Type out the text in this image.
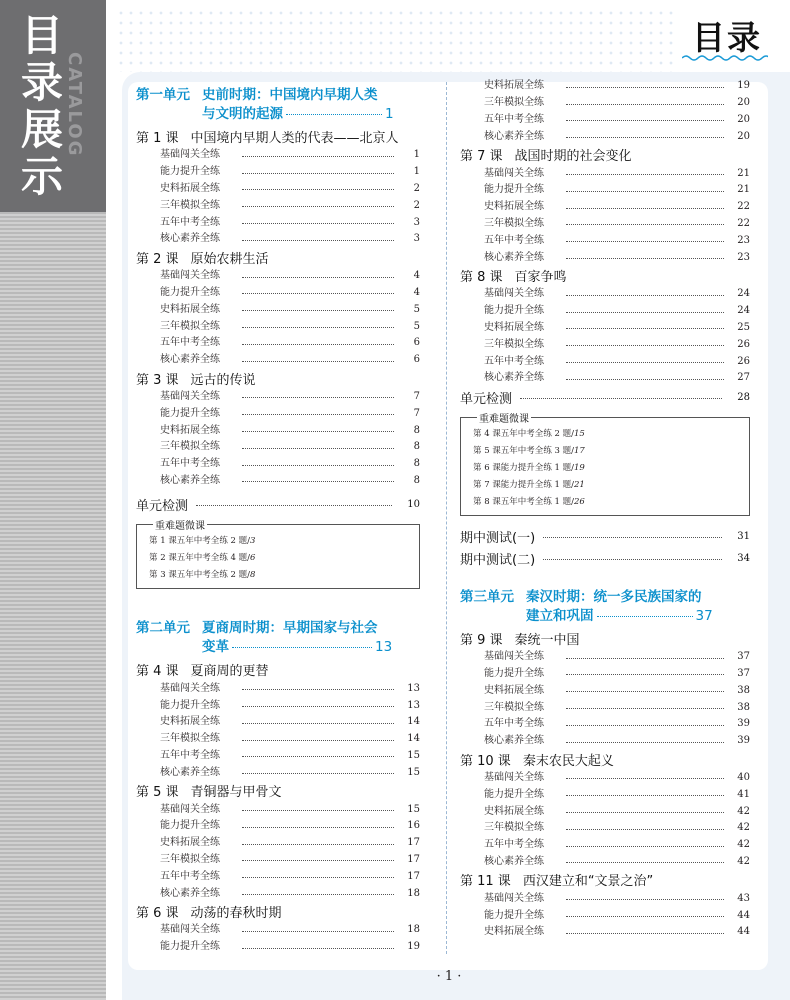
目
录
展
示
CATALOG
目录
第一单元 史前时期：中国境内早期人类
与文明的起源	1
第 1 课 中国境内早期人类的代表——北京人
基础闯关全练	1
能力提升全练	1
史料拓展全练	2
三年模拟全练	2
五年中考全练	3
核心素养全练	3
第 2 课 原始农耕生活
基础闯关全练	4
能力提升全练	4
史料拓展全练	5
三年模拟全练	5
五年中考全练	6
核心素养全练	6
第 3 课 远古的传说
基础闯关全练	7
能力提升全练	7
史料拓展全练	8
三年模拟全练	8
五年中考全练	8
核心素养全练	8
单元检测	10
重难题微课
第 1 课五年中考全练 2 题/3
第 2 课五年中考全练 4 题/6
第 3 课五年中考全练 2 题/8
第二单元 夏商周时期：早期国家与社会
变革	13
第 4 课 夏商周的更替
基础闯关全练	13
能力提升全练	13
史料拓展全练	14
三年模拟全练	14
五年中考全练	15
核心素养全练	15
第 5 课 青铜器与甲骨文
基础闯关全练	15
能力提升全练	16
史料拓展全练	17
三年模拟全练	17
五年中考全练	17
核心素养全练	18
第 6 课 动荡的春秋时期
基础闯关全练	18
能力提升全练	19
史料拓展全练	19
三年模拟全练	20
五年中考全练	20
核心素养全练	20
第 7 课 战国时期的社会变化
基础闯关全练	21
能力提升全练	21
史料拓展全练	22
三年模拟全练	22
五年中考全练	23
核心素养全练	23
第 8 课 百家争鸣
基础闯关全练	24
能力提升全练	24
史料拓展全练	25
三年模拟全练	26
五年中考全练	26
核心素养全练	27
单元检测	28
重难题微课
第 4 课五年中考全练 2 题/15
第 5 课五年中考全练 3 题/17
第 6 课能力提升全练 1 题/19
第 7 课能力提升全练 1 题/21
第 8 课五年中考全练 1 题/26
期中测试(一)	31
期中测试(二)	34
第三单元 秦汉时期：统一多民族国家的
建立和巩固	37
第 9 课 秦统一中国
基础闯关全练	37
能力提升全练	37
史料拓展全练	38
三年模拟全练	38
五年中考全练	39
核心素养全练	39
第 10 课 秦末农民大起义
基础闯关全练	40
能力提升全练	41
史料拓展全练	42
三年模拟全练	42
五年中考全练	42
核心素养全练	42
第 11 课 西汉建立和“文景之治”
基础闯关全练	43
能力提升全练	44
史料拓展全练	44
· 1 ·
